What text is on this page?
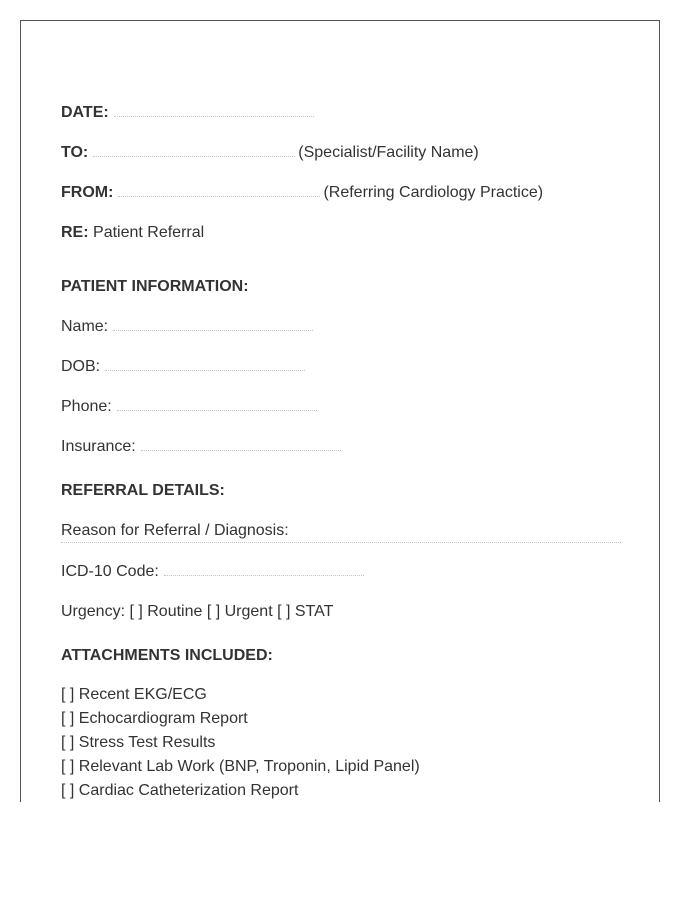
DATE:
TO:	(Specialist/Facility Name)
FROM:	(Referring Cardiology Practice)
RE: Patient Referral
PATIENT INFORMATION:
Name:
DOB:
Phone:
Insurance:
REFERRAL DETAILS:
Reason for Referral / Diagnosis:
ICD-10 Code:
Urgency: [ ] Routine [ ] Urgent [ ] STAT
ATTACHMENTS INCLUDED:
[ ] Recent EKG/ECG
[ ] Echocardiogram Report
[ ] Stress Test Results
[ ] Relevant Lab Work (BNP, Troponin, Lipid Panel)
[ ] Cardiac Catheterization Report
